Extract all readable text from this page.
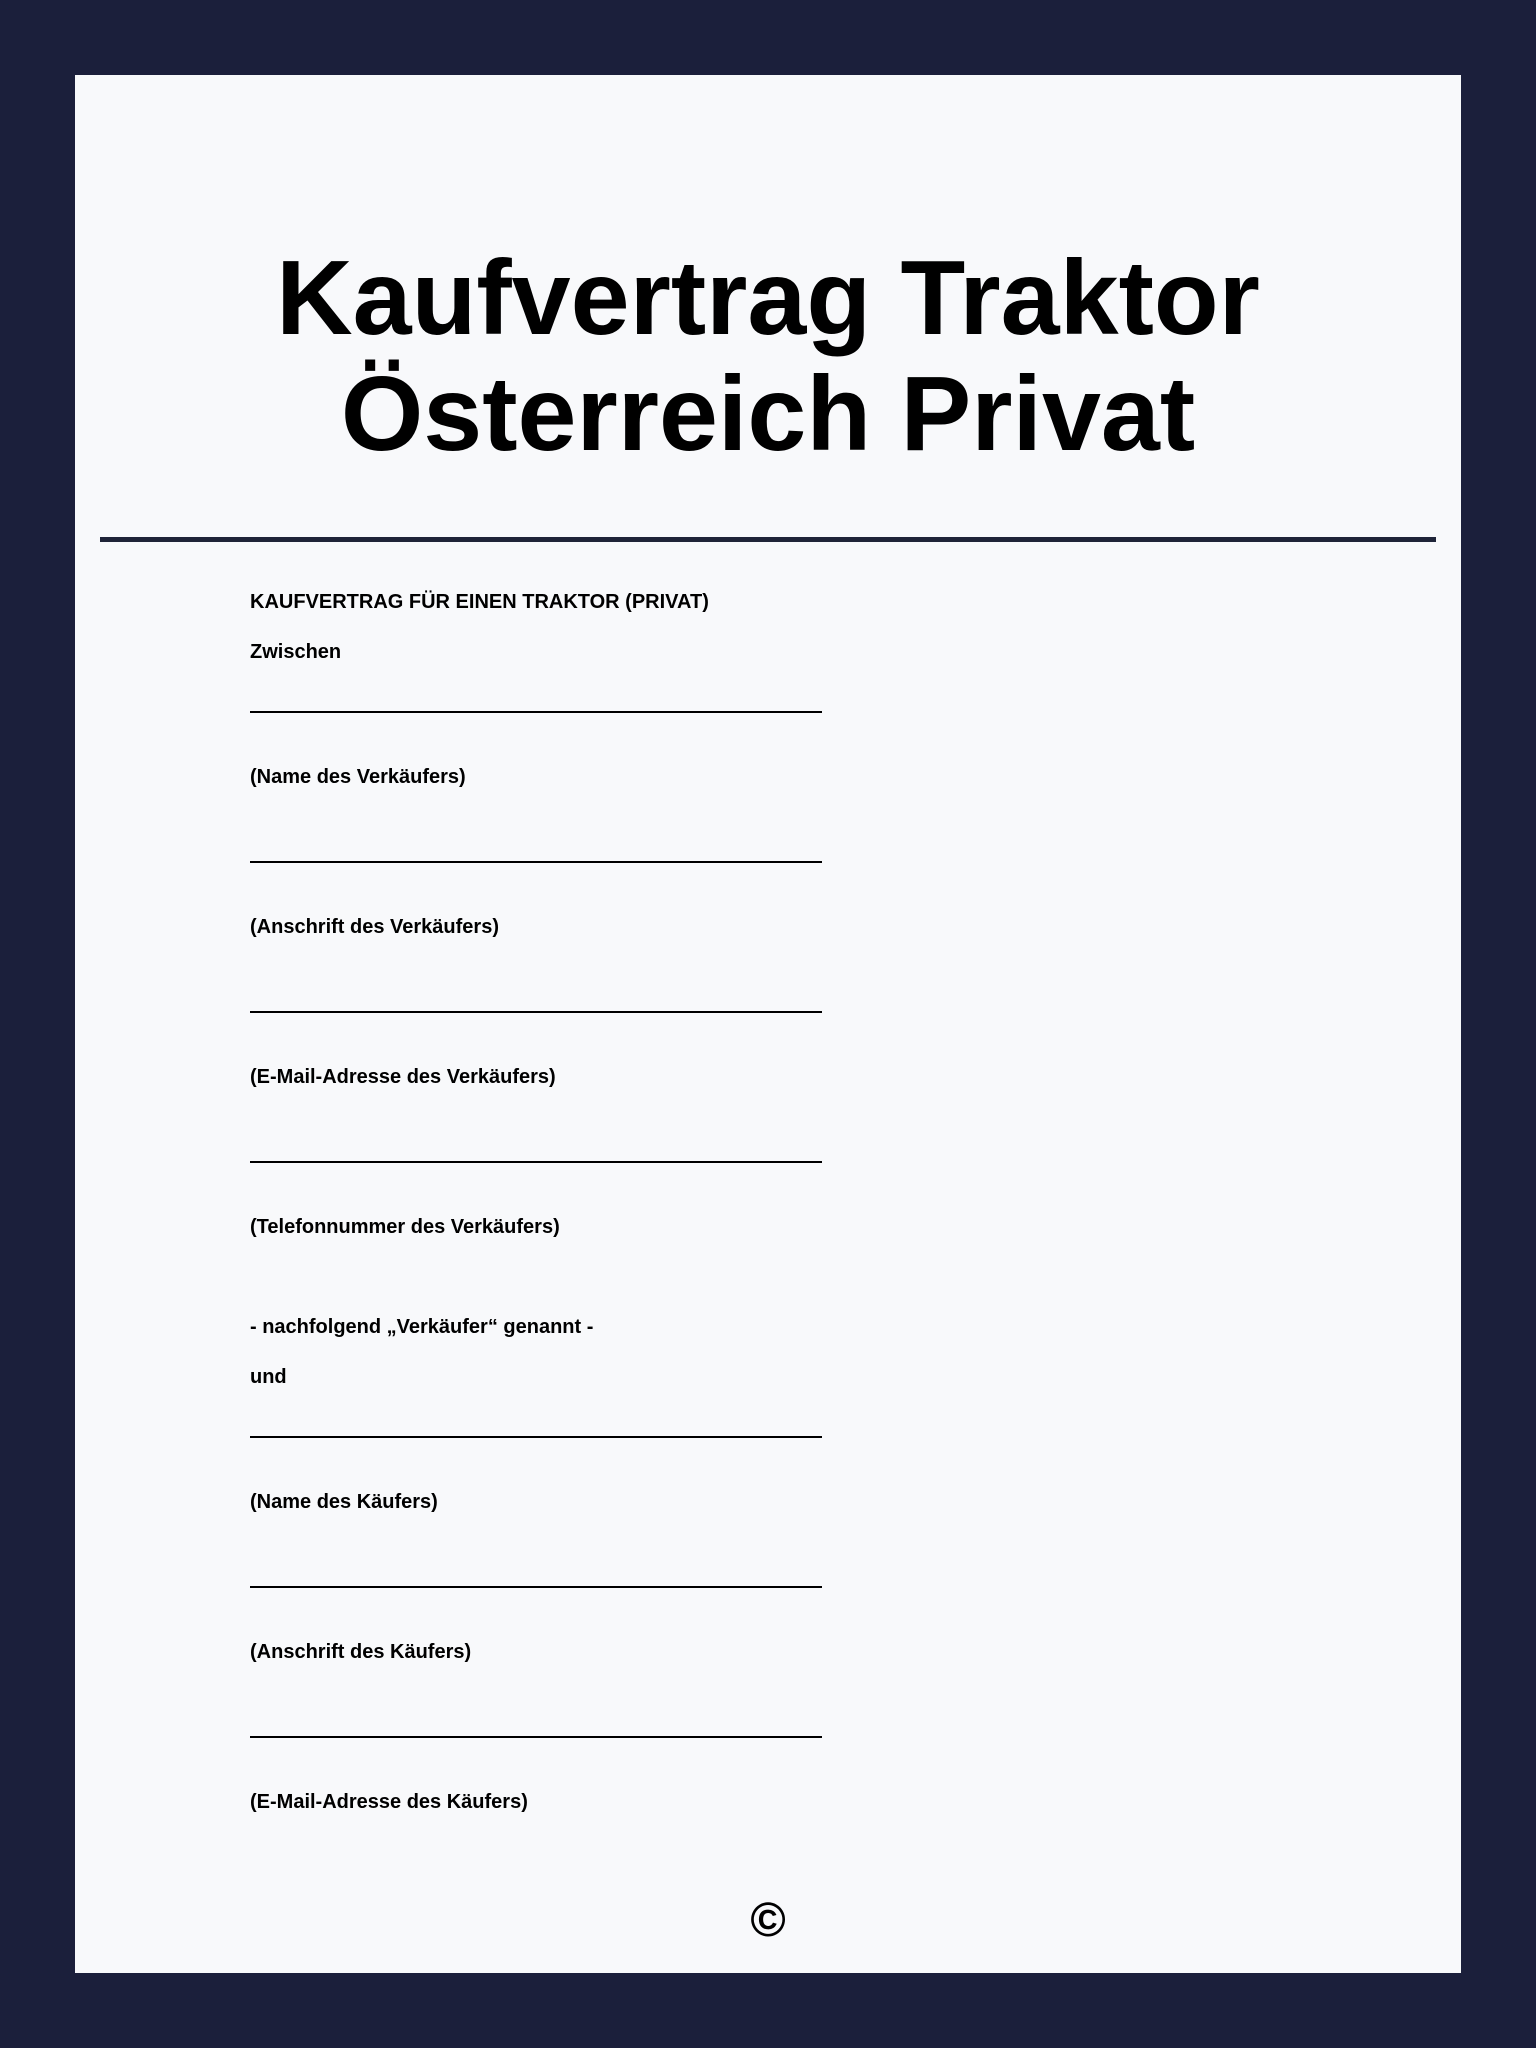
Kaufvertrag Traktor
Österreich Privat

KAUFVERTRAG FÜR EINEN TRAKTOR (PRIVAT)

Zwischen

(Name des Verkäufers)

(Anschrift des Verkäufers)

(E-Mail-Adresse des Verkäufers)

(Telefonnummer des Verkäufers)

- nachfolgend „Verkäufer“ genannt -

und

(Name des Käufers)

(Anschrift des Käufers)

(E-Mail-Adresse des Käufers)

©
